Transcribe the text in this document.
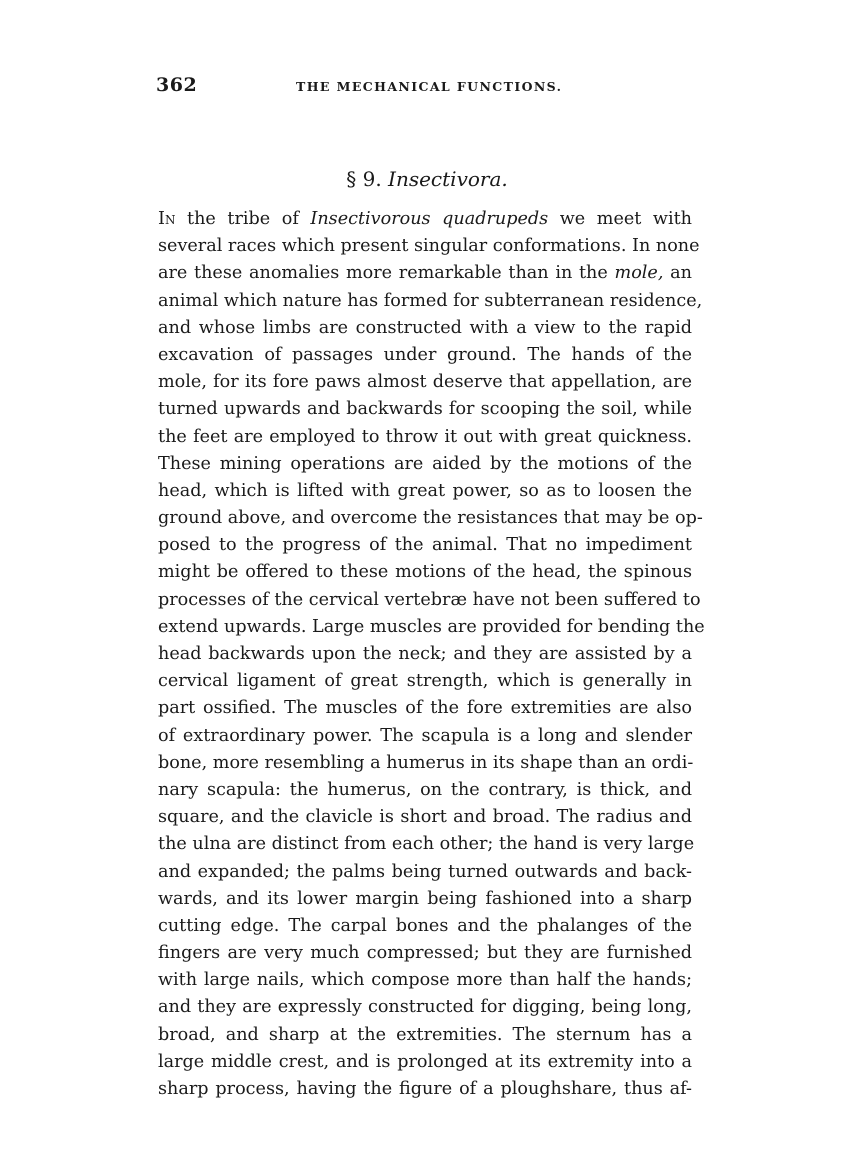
362	THE MECHANICAL FUNCTIONS.
§ 9. Insectivora.
In the tribe of Insectivorous quadrupeds we meet with
several races which present singular conformations. In none
are these anomalies more remarkable than in the mole, an
animal which nature has formed for subterranean residence,
and whose limbs are constructed with a view to the rapid
excavation of passages under ground. The hands of the
mole, for its fore paws almost deserve that appellation, are
turned upwards and backwards for scooping the soil, while
the feet are employed to throw it out with great quickness.
These mining operations are aided by the motions of the
head, which is lifted with great power, so as to loosen the
ground above, and overcome the resistances that may be op-
posed to the progress of the animal. That no impediment
might be offered to these motions of the head, the spinous
processes of the cervical vertebræ have not been suffered to
extend upwards. Large muscles are provided for bending the
head backwards upon the neck; and they are assisted by a
cervical ligament of great strength, which is generally in
part ossified. The muscles of the fore extremities are also
of extraordinary power. The scapula is a long and slender
bone, more resembling a humerus in its shape than an ordi-
nary scapula: the humerus, on the contrary, is thick, and
square, and the clavicle is short and broad. The radius and
the ulna are distinct from each other; the hand is very large
and expanded; the palms being turned outwards and back-
wards, and its lower margin being fashioned into a sharp
cutting edge. The carpal bones and the phalanges of the
fingers are very much compressed; but they are furnished
with large nails, which compose more than half the hands;
and they are expressly constructed for digging, being long,
broad, and sharp at the extremities. The sternum has a
large middle crest, and is prolonged at its extremity into a
sharp process, having the figure of a ploughshare, thus af-
